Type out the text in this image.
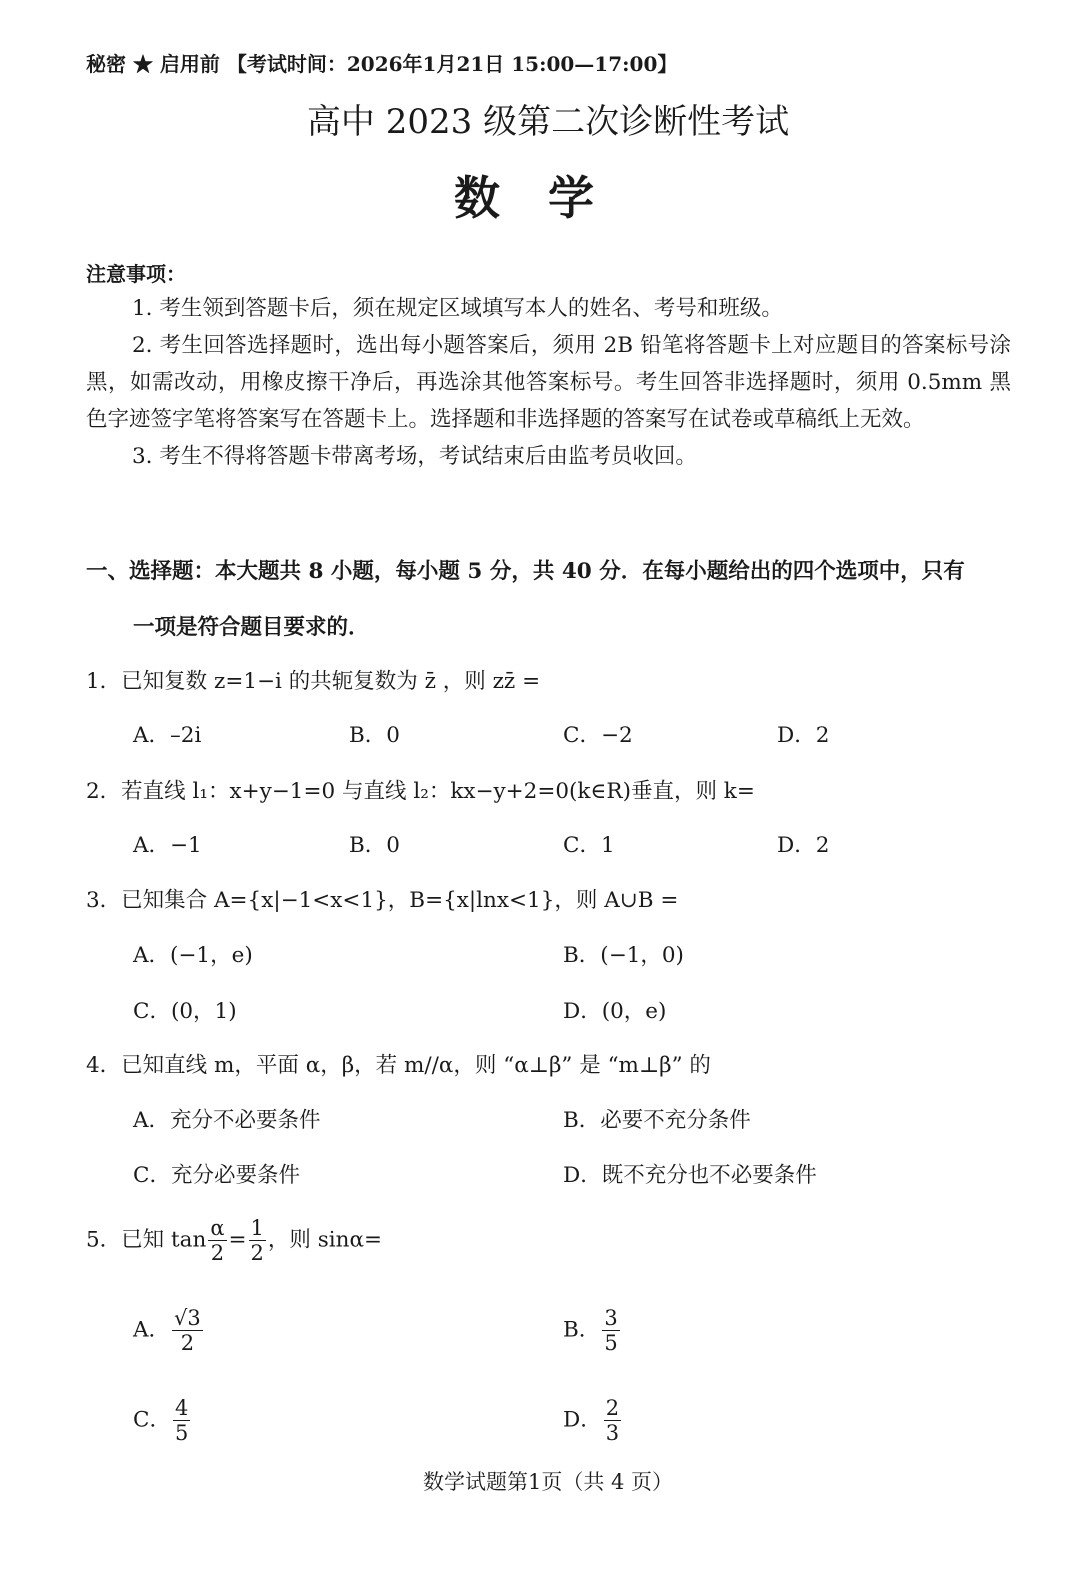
秘密 ★ 启用前 【考试时间：2026年1月21日 15:00—17:00】
高中 2023 级第二次诊断性考试
数学
注意事项：

1. 考生领到答题卡后，须在规定区域填写本人的姓名、考号和班级。

2. 考生回答选择题时，选出每小题答案后，须用 2B 铅笔将答题卡上对应题目的答案标号涂黑，如需改动，用橡皮擦干净后，再选涂其他答案标号。考生回答非选择题时，须用 0.5mm 黑色字迹签字笔将答案写在答题卡上。选择题和非选择题的答案写在试卷或草稿纸上无效。

3. 考生不得将答题卡带离考场，考试结束后由监考员收回。

一、选择题：本大题共 8 小题，每小题 5 分，共 40 分．在每小题给出的四个选项中，只有
一项是符合题目要求的．
1．已知复数 z=1−i 的共轭复数为 z̄ ，则 zz̄ =
A．–2i	B．0	C．−2	D．2
2．若直线 l₁：x+y−1=0 与直线 l₂：kx−y+2=0(k∈R)垂直，则 k=
A．−1	B．0	C．1	D．2
3．已知集合 A={x|−1<x<1}，B={x|lnx<1}，则 A∪B =
A．(−1，e)	B．(−1，0)
C．(0，1)	D．(0，e)
4．已知直线 m，平面 α，β，若 m//α，则 “α⊥β” 是 “m⊥β” 的
A．充分不必要条件	B．必要不充分条件
C．充分必要条件	D．既不充分也不必要条件
5．已知 $\tan \frac{\alpha}{2} = \frac{1}{2}$ ，则 sinα=
A． $\frac{√3}{2}$	B． $\frac{3}{5}$
C． $\frac{4}{5}$	D． $\frac{2}{3}$
数学试题第1页（共 4 页）
